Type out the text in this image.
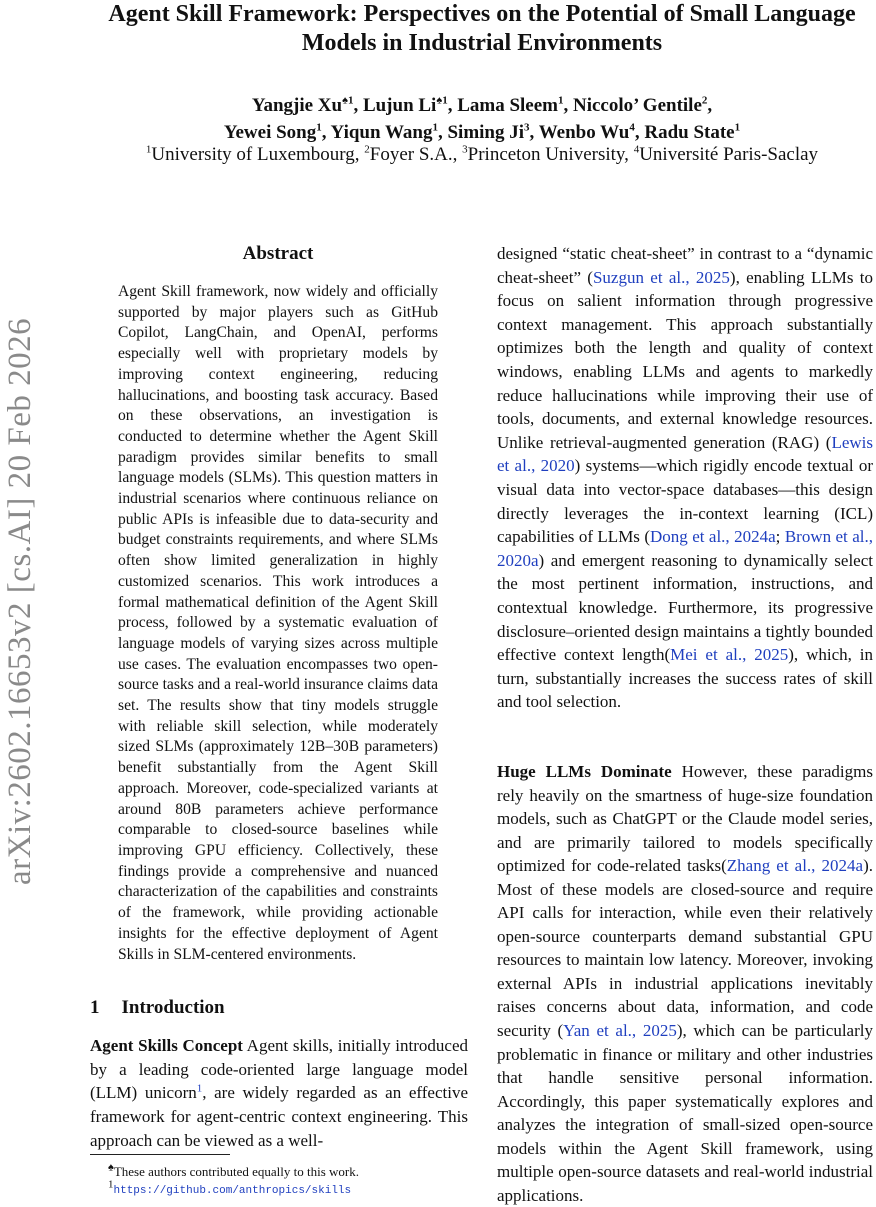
arXiv:2602.16653v2 [cs.AI] 20 Feb 2026
Agent Skill Framework: Perspectives on the Potential of Small Language
Models in Industrial Environments
Yangjie $Xu^{♠1}$, Lujun $Li^{♠1}$, Lama Sleem$^1$, Niccolo’ Gentile$^2$,
Yewei Song$^1$, Yiqun Wang$^1$, Siming Ji$^3$, Wenbo Wu$^4$, Radu State$^1$
$^1$University of Luxembourg, $^2$Foyer S.A., $^3$Princeton University, $^4$Université Paris-Saclay
Abstract
Agent Skill framework, now widely and officially supported by major players such as GitHub Copilot, LangChain, and OpenAI, performs especially well with proprietary models by improving context engineering, reducing hallucinations, and boosting task accuracy. Based on these observations, an investigation is conducted to determine whether the Agent Skill paradigm provides similar benefits to small language models (SLMs). This question matters in industrial scenarios where continuous reliance on public APIs is infeasible due to data-security and budget constraints requirements, and where SLMs often show limited generalization in highly customized scenarios. This work introduces a formal mathematical definition of the Agent Skill process, followed by a systematic evaluation of language models of varying sizes across multiple use cases. The evaluation encompasses two open-source tasks and a real-world insurance claims data set. The results show that tiny models struggle with reliable skill selection, while moderately sized SLMs (approximately 12B–30B parameters) benefit substantially from the Agent Skill approach. Moreover, code-specialized variants at around 80B parameters achieve performance comparable to closed-source baselines while improving GPU efficiency. Collectively, these findings provide a comprehensive and nuanced characterization of the capabilities and constraints of the framework, while providing actionable insights for the effective deployment of Agent Skills in SLM-centered environments.
1 Introduction
Agent Skills Concept Agent skills, initially introduced by a leading code-oriented large language model (LLM) unicorn$^1$, are widely regarded as an effective framework for agent-centric context engineering. This approach can be viewed as a well-
designed “static cheat-sheet” in contrast to a “dynamic cheat-sheet” (Suzgun et al., 2025), enabling LLMs to focus on salient information through progressive context management. This approach substantially optimizes both the length and quality of context windows, enabling LLMs and agents to markedly reduce hallucinations while improving their use of tools, documents, and external knowledge resources. Unlike retrieval-augmented generation (RAG) (Lewis et al., 2020) systems—which rigidly encode textual or visual data into vector-space databases—this design directly leverages the in-context learning (ICL) capabilities of LLMs (Dong et al., 2024a; Brown et al., 2020a) and emergent reasoning to dynamically select the most pertinent information, instructions, and contextual knowledge. Furthermore, its progressive disclosure–oriented design maintains a tightly bounded effective context length(Mei et al., 2025), which, in turn, substantially increases the success rates of skill and tool selection.
Huge LLMs Dominate However, these paradigms rely heavily on the smartness of huge-size foundation models, such as ChatGPT or the Claude model series, and are primarily tailored to models specifically optimized for code-related tasks(Zhang et al., 2024a). Most of these models are closed-source and require API calls for interaction, while even their relatively open-source counterparts demand substantial GPU resources to maintain low latency. Moreover, invoking external APIs in industrial applications inevitably raises concerns about data, information, and code security (Yan et al., 2025), which can be particularly problematic in finance or military and other industries that handle sensitive personal information. Accordingly, this paper systematically explores and analyzes the integration of small-sized open-source models within the Agent Skill framework, using multiple open-source datasets and real-world industrial applications.
♠These authors contributed equally to this work.
$^1$https://github.com/anthropics/skills
